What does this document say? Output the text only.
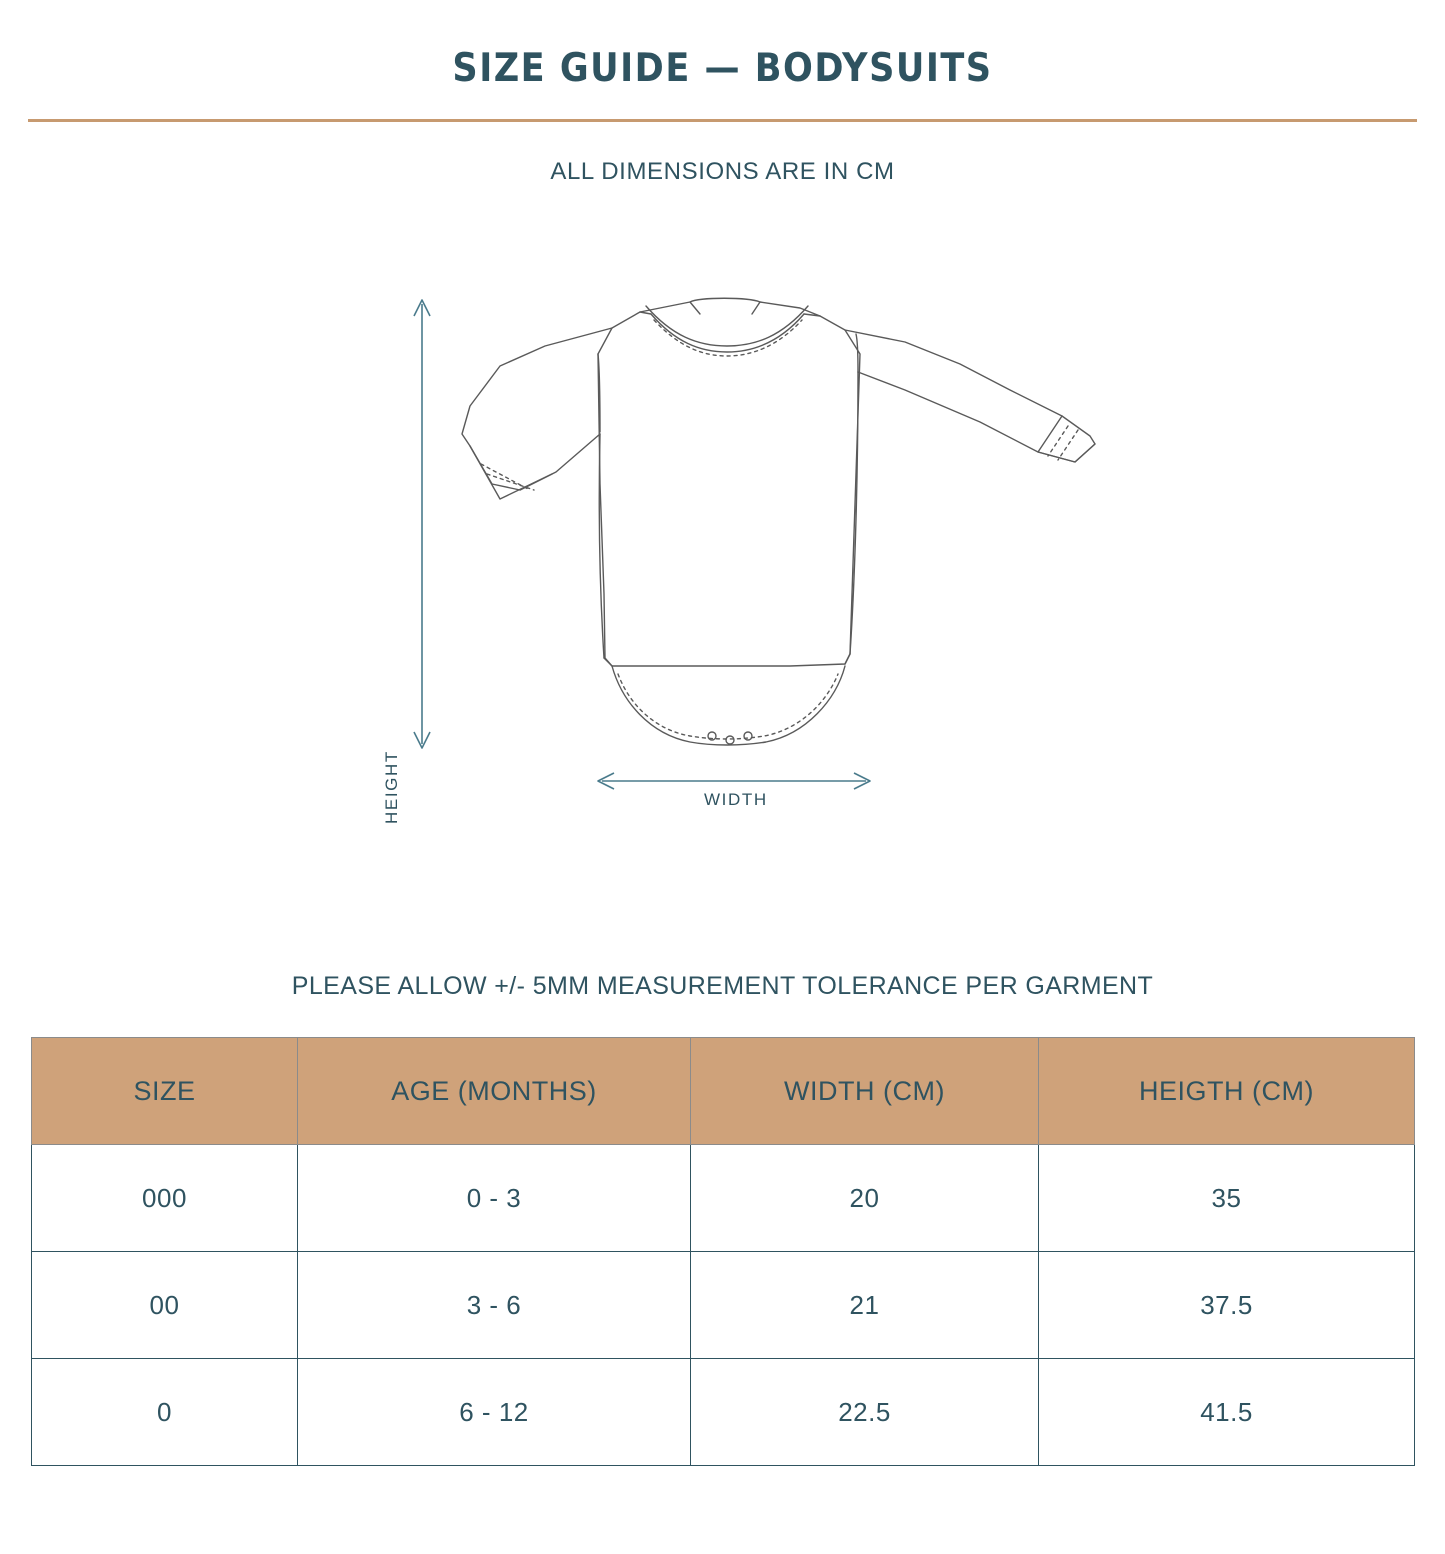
SIZE GUIDE — BODYSUITS
ALL DIMENSIONS ARE IN CM
HEIGHT	WIDTH
PLEASE ALLOW +/- 5MM MEASUREMENT TOLERANCE PER GARMENT
SIZE	AGE (MONTHS)	WIDTH (CM)	HEIGTH (CM)
000	0 - 3	20	35
00	3 - 6	21	37.5
0	6 - 12	22.5	41.5
